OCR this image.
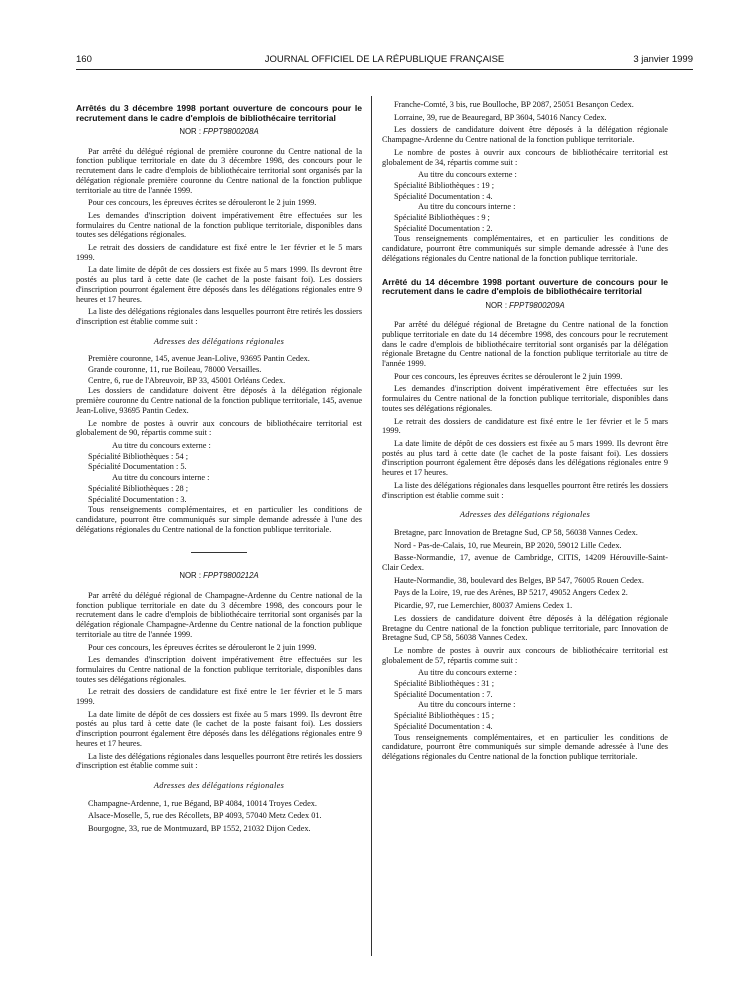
160	JOURNAL OFFICIEL DE LA RÉPUBLIQUE FRANÇAISE	3 janvier 1999
Arrêtés du 3 décembre 1998 portant ouverture de concours pour le recrutement dans le cadre d'emplois de bibliothécaire territorial
NOR : FPPT9800208A

Par arrêté du délégué régional de première couronne du Centre national de la fonction publique territoriale en date du 3 décembre 1998, des concours pour le recrutement dans le cadre d'emplois de bibliothécaire territorial sont organisés par la délégation régionale première couronne du Centre national de la fonction publique territoriale au titre de l'année 1999.

Pour ces concours, les épreuves écrites se dérouleront le 2 juin 1999.

Les demandes d'inscription doivent impérativement être effectuées sur les formulaires du Centre national de la fonction publique territoriale, disponibles dans toutes ses délégations régionales.

Le retrait des dossiers de candidature est fixé entre le 1er février et le 5 mars 1999.

La date limite de dépôt de ces dossiers est fixée au 5 mars 1999. Ils devront être postés au plus tard à cette date (le cachet de la poste faisant foi). Les dossiers d'inscription pourront également être déposés dans les délégations régionales entre 9 heures et 17 heures.

La liste des délégations régionales dans lesquelles pourront être retirés les dossiers d'inscription est établie comme suit :

Adresses des délégations régionales

Première couronne, 145, avenue Jean-Lolive, 93695 Pantin Cedex.

Grande couronne, 11, rue Boileau, 78000 Versailles.

Centre, 6, rue de l'Abreuvoir, BP 33, 45001 Orléans Cedex.

Les dossiers de candidature doivent être déposés à la délégation régionale première couronne du Centre national de la fonction publique territoriale, 145, avenue Jean-Lolive, 93695 Pantin Cedex.

Le nombre de postes à ouvrir aux concours de bibliothécaire territorial est globalement de 90, répartis comme suit :

Au titre du concours externe :

Spécialité Bibliothèques : 54 ;

Spécialité Documentation : 5.

Au titre du concours interne :

Spécialité Bibliothèques : 28 ;

Spécialité Documentation : 3.

Tous renseignements complémentaires, et en particulier les conditions de candidature, pourront être communiqués sur simple demande adressée à l'une des délégations régionales du Centre national de la fonction publique territoriale.

NOR : FPPT9800212A

Par arrêté du délégué régional de Champagne-Ardenne du Centre national de la fonction publique territoriale en date du 3 décembre 1998, des concours pour le recrutement dans le cadre d'emplois de bibliothécaire territorial sont organisés par la délégation régionale Champagne-Ardenne du Centre national de la fonction publique territoriale au titre de l'année 1999.

Pour ces concours, les épreuves écrites se dérouleront le 2 juin 1999.

Les demandes d'inscription doivent impérativement être effectuées sur les formulaires du Centre national de la fonction publique territoriale, disponibles dans toutes ses délégations régionales.

Le retrait des dossiers de candidature est fixé entre le 1er février et le 5 mars 1999.

La date limite de dépôt de ces dossiers est fixée au 5 mars 1999. Ils devront être postés au plus tard à cette date (le cachet de la poste faisant foi). Les dossiers d'inscription pourront également être déposés dans les délégations régionales entre 9 heures et 17 heures.

La liste des délégations régionales dans lesquelles pourront être retirés les dossiers d'inscription est établie comme suit :

Adresses des délégations régionales

Champagne-Ardenne, 1, rue Bégand, BP 4084, 10014 Troyes Cedex.

Alsace-Moselle, 5, rue des Récollets, BP 4093, 57040 Metz Cedex 01.

Bourgogne, 33, rue de Montmuzard, BP 1552, 21032 Dijon Cedex.

Franche-Comté, 3 bis, rue Boulloche, BP 2087, 25051 Besançon Cedex.

Lorraine, 39, rue de Beauregard, BP 3604, 54016 Nancy Cedex.

Les dossiers de candidature doivent être déposés à la délégation régionale Champagne-Ardenne du Centre national de la fonction publique territoriale.

Le nombre de postes à ouvrir aux concours de bibliothécaire territorial est globalement de 34, répartis comme suit :

Au titre du concours externe :

Spécialité Bibliothèques : 19 ;

Spécialité Documentation : 4.

Au titre du concours interne :

Spécialité Bibliothèques : 9 ;

Spécialité Documentation : 2.

Tous renseignements complémentaires, et en particulier les conditions de candidature, pourront être communiqués sur simple demande adressée à l'une des délégations régionales du Centre national de la fonction publique territoriale.

Arrêté du 14 décembre 1998 portant ouverture de concours pour le recrutement dans le cadre d'emplois de bibliothécaire territorial
NOR : FPPT9800209A

Par arrêté du délégué régional de Bretagne du Centre national de la fonction publique territoriale en date du 14 décembre 1998, des concours pour le recrutement dans le cadre d'emplois de bibliothécaire territorial sont organisés par la délégation régionale Bretagne du Centre national de la fonction publique territoriale au titre de l'année 1999.

Pour ces concours, les épreuves écrites se dérouleront le 2 juin 1999.

Les demandes d'inscription doivent impérativement être effectuées sur les formulaires du Centre national de la fonction publique territoriale, disponibles dans toutes ses délégations régionales.

Le retrait des dossiers de candidature est fixé entre le 1er février et le 5 mars 1999.

La date limite de dépôt de ces dossiers est fixée au 5 mars 1999. Ils devront être postés au plus tard à cette date (le cachet de la poste faisant foi). Les dossiers d'inscription pourront également être déposés dans les délégations régionales entre 9 heures et 17 heures.

La liste des délégations régionales dans lesquelles pourront être retirés les dossiers d'inscription est établie comme suit :

Adresses des délégations régionales

Bretagne, parc Innovation de Bretagne Sud, CP 58, 56038 Vannes Cedex.

Nord - Pas-de-Calais, 10, rue Meurein, BP 2020, 59012 Lille Cedex.

Basse-Normandie, 17, avenue de Cambridge, CITIS, 14209 Hérouville-Saint-Clair Cedex.

Haute-Normandie, 38, boulevard des Belges, BP 547, 76005 Rouen Cedex.

Pays de la Loire, 19, rue des Arènes, BP 5217, 49052 Angers Cedex 2.

Picardie, 97, rue Lemerchier, 80037 Amiens Cedex 1.

Les dossiers de candidature doivent être déposés à la délégation régionale Bretagne du Centre national de la fonction publique territoriale, parc Innovation de Bretagne Sud, CP 58, 56038 Vannes Cedex.

Le nombre de postes à ouvrir aux concours de bibliothécaire territorial est globalement de 57, répartis comme suit :

Au titre du concours externe :

Spécialité Bibliothèques : 31 ;

Spécialité Documentation : 7.

Au titre du concours interne :

Spécialité Bibliothèques : 15 ;

Spécialité Documentation : 4.

Tous renseignements complémentaires, et en particulier les conditions de candidature, pourront être communiqués sur simple demande adressée à l'une des délégations régionales du Centre national de la fonction publique territoriale.
